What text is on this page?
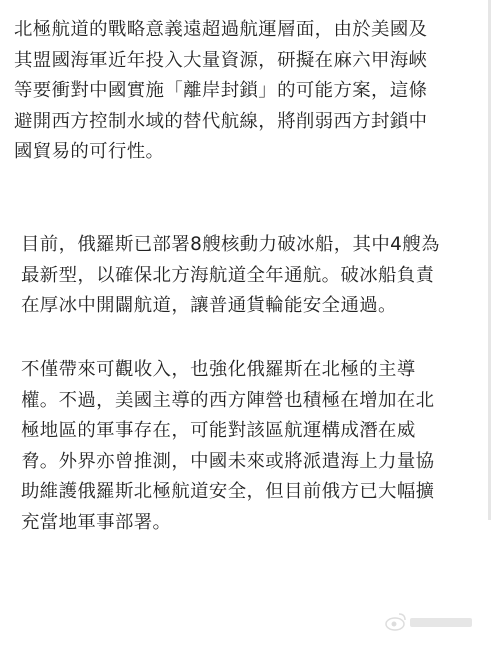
北極航道的戰略意義遠超過航運層面，由於美國及
其盟國海軍近年投入大量資源，研擬在麻六甲海峽
等要衝對中國實施「離岸封鎖」的可能方案，這條
避開西方控制水域的替代航線，將削弱西方封鎖中
國貿易的可行性。

目前，俄羅斯已部署8艘核動力破冰船，其中4艘為
最新型，以確保北方海航道全年通航。破冰船負責
在厚冰中開闢航道，讓普通貨輪能安全通過。

不僅帶來可觀收入，也強化俄羅斯在北極的主導
權。不過，美國主導的西方陣營也積極在增加在北
極地區的軍事存在，可能對該區航運構成潛在威
脅。外界亦曾推測，中國未來或將派遣海上力量協
助維護俄羅斯北極航道安全，但目前俄方已大幅擴
充當地軍事部署。
